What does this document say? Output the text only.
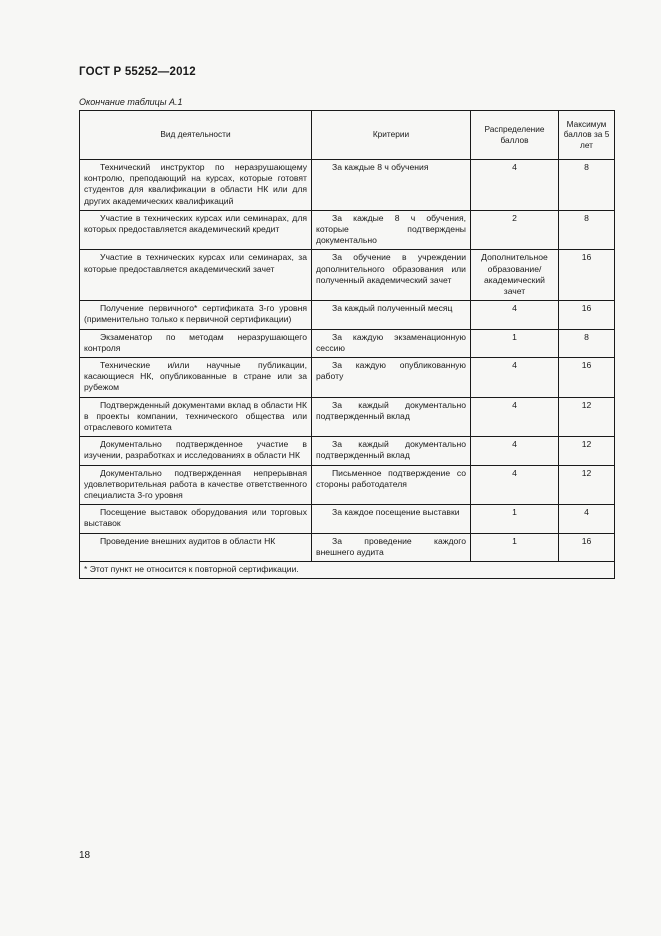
ГОСТ Р 55252—2012
Окончание таблицы А.1
Вид деятельности	Критерии	Распределение баллов	Максимум баллов за 5 лет
Технический инструктор по неразрушающему контролю, преподающий на курсах, которые готовят студентов для квалификации в области НК или для других академических квалификаций	За каждые 8 ч обучения	4	8
Участие в технических курсах или семинарах, для которых предоставляется академический кредит	За каждые 8 ч обучения, которые подтверждены документально	2	8
Участие в технических курсах или семинарах, за которые предоставляется академический зачет	За обучение в учреждении дополнительного образования или полученный академический зачет	Дополнительное образование/ академический зачет	16
Получение первичного* сертификата 3-го уровня (применительно только к первичной сертификации)	За каждый полученный месяц	4	16
Экзаменатор по методам неразрушающего контроля	За каждую экзаменационную сессию	1	8
Технические и/или научные публикации, касающиеся НК, опубликованные в стране или за рубежом	За каждую опубликованную работу	4	16
Подтвержденный документами вклад в области НК в проекты компании, технического общества или отраслевого комитета	За каждый документально подтвержденный вклад	4	12
Документально подтвержденное участие в изучении, разработках и исследованиях в области НК	За каждый документально подтвержденный вклад	4	12
Документально подтвержденная непрерывная удовлетворительная работа в качестве ответственного специалиста 3-го уровня	Письменное подтверждение со стороны работодателя	4	12
Посещение выставок оборудования или торговых выставок	За каждое посещение выставки	1	4
Проведение внешних аудитов в области НК	За проведение каждого внешнего аудита	1	16
* Этот пункт не относится к повторной сертификации.			
18
